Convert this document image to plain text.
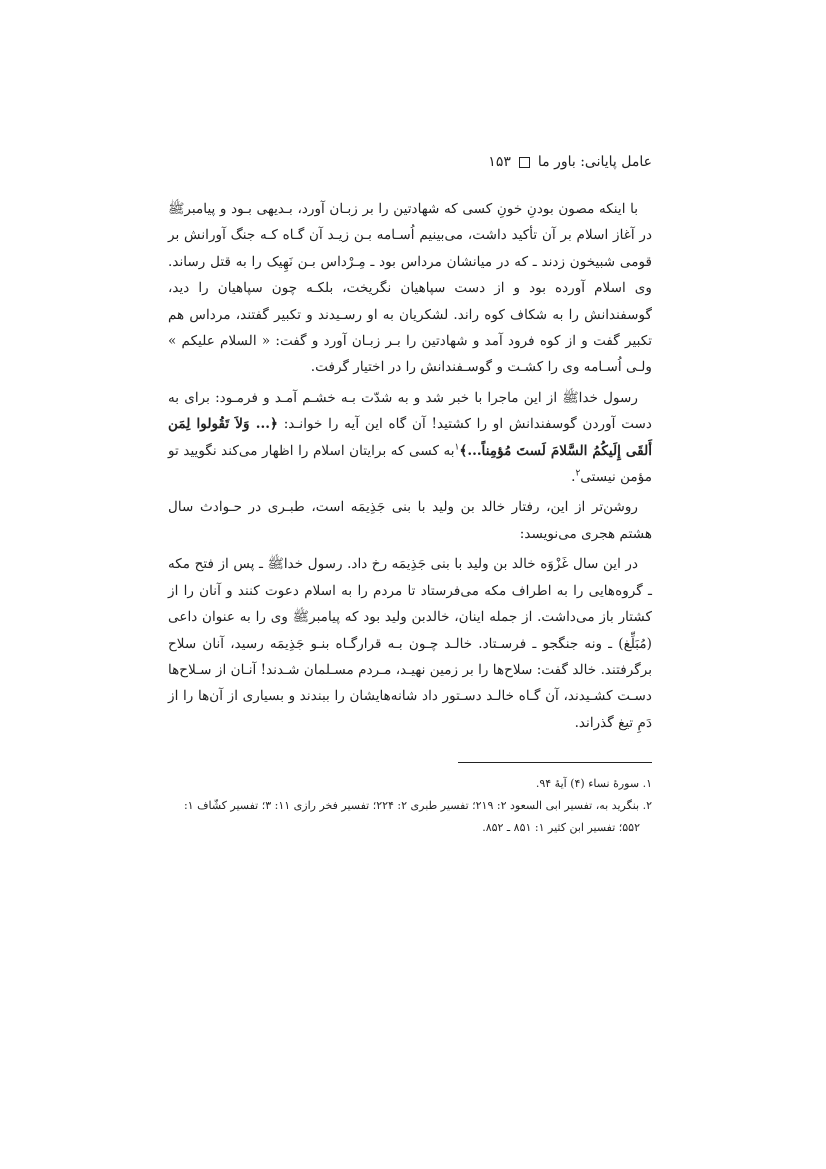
عامل پایانی: باور ما
۱۵۳

با اینکه مصون بودنِ خونِ کسی که شهادتین را بر زبـان آورد، بـدیهی بـود و پیامبرﷺ در آغاز اسلام بر آن تأکید داشت، می‌بینیم اُسـامه بـن زیـد آن گـاه کـه جنگ آورانش بر قومی شبیخون زدند ـ که در میانشان مرداس بود ـ مِـرْداس بـن نَهِیک را به قتل رساند. وی اسلام آورده بود و از دست سپاهیان نگریخت، بلکـه چون سپاهیان را دید، گوسفندانش را به شکاف کوه راند. لشکریان به او رسـیدند و تکبیر گفتند، مرداس هم تکبیر گفت و از کوه فرود آمد و شهادتین را بـر زبـان آورد و گفت: « السلام علیکم » ولـی اُسـامه وی را کشـت و گوسـفندانش را در اختیار گرفت.

رسول خداﷺ از این ماجرا با خبر شد و به شدّت بـه خشـم آمـد و فرمـود: برای به دست آوردن گوسفندانش او را کشتید! آن گاه این آیه را خوانـد: ﴿... وَلاَ تَقُولوا لِمَن أَلقَی إِلَیکُمُ السَّلامَ لَستَ مُؤمِناً...﴾$^۱$به کسی که برایتان اسلام را اظهار می‌کند نگویید تو مؤمن نیستی$^۲$.

روشن‌تر از این، رفتار خالد بن ولید با بنی جَذِیمَه است، طبـری در حـوادث سال هشتم هجری می‌نویسد:

در این سال غَزْوَه خالد بن ولید با بنی جَذِیمَه رخ داد. رسول خداﷺ ـ پس از فتح مکه ـ گروه‌هایی را به اطراف مکه می‌فرستاد تا مردم را به اسلام دعوت کنند و آنان را از کشتار باز می‌داشت. از جمله اینان، خالدبن ولید بود که پیامبرﷺ وی را به عنوان داعی (مُبَلِّغ) ـ ونه جنگجو ـ فرسـتاد. خالـد چـون بـه قرارگـاه بنـو جَذِیمَه رسید، آنان سلاح برگرفتند. خالد گفت: سلاح‌ها را بر زمین نهیـد، مـردم مسـلمان شـدند! آنـان از سـلاح‌ها دسـت کشـیدند، آن گـاه خالـد دسـتور داد شانه‌هایشان را ببندند و بسیاری از آن‌ها را از دَمِ تیغ گذراند.

۱. سورهٔ نساء (۴) آیهٔ ۹۴.

۲. بنگرید به، تفسیر ابی السعود ۲: ۲۱۹؛ تفسیر طبری ۲: ۲۲۴؛ تفسیر فخر رازی ۱۱: ۳؛ تفسیر کشّاف ۱:

۵۵۲؛ تفسیر ابن کثیر ۱: ۸۵۱ ـ ۸۵۲.
